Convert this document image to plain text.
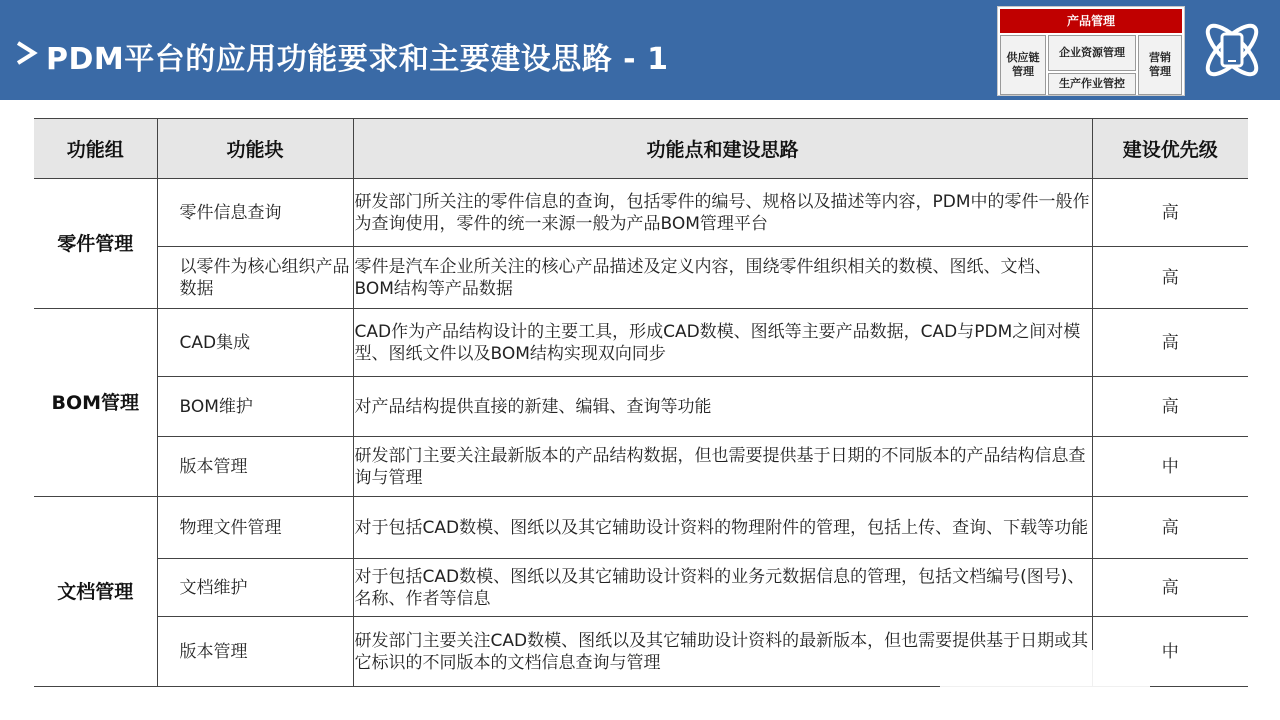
PDM平台的应用功能要求和主要建设思路 - 1
产品管理
供应链
管理
企业资源管理
生产作业管控
营销
管理
功能组	功能块	功能点和建设思路	建设优先级
零件管理	零件信息查询	研发部门所关注的零件信息的查询，包括零件的编号、规格以及描述等内容，PDM中的零件一般作为查询使用，零件的统一来源一般为产品BOM管理平台	高
	以零件为核心组织产品数据	零件是汽车企业所关注的核心产品描述及定义内容，围绕零件组织相关的数模、图纸、文档、BOM结构等产品数据	高
BOM管理	CAD集成	CAD作为产品结构设计的主要工具，形成CAD数模、图纸等主要产品数据，CAD与PDM之间对模型、图纸文件以及BOM结构实现双向同步	高
	BOM维护	对产品结构提供直接的新建、编辑、查询等功能	高
	版本管理	研发部门主要关注最新版本的产品结构数据，但也需要提供基于日期的不同版本的产品结构信息查询与管理	中
文档管理	物理文件管理	对于包括CAD数模、图纸以及其它辅助设计资料的物理附件的管理，包括上传、查询、下载等功能	高
	文档维护	对于包括CAD数模、图纸以及其它辅助设计资料的业务元数据信息的管理，包括文档编号(图号)、名称、作者等信息	高
	版本管理	研发部门主要关注CAD数模、图纸以及其它辅助设计资料的最新版本，但也需要提供基于日期或其它标识的不同版本的文档信息查询与管理	中
